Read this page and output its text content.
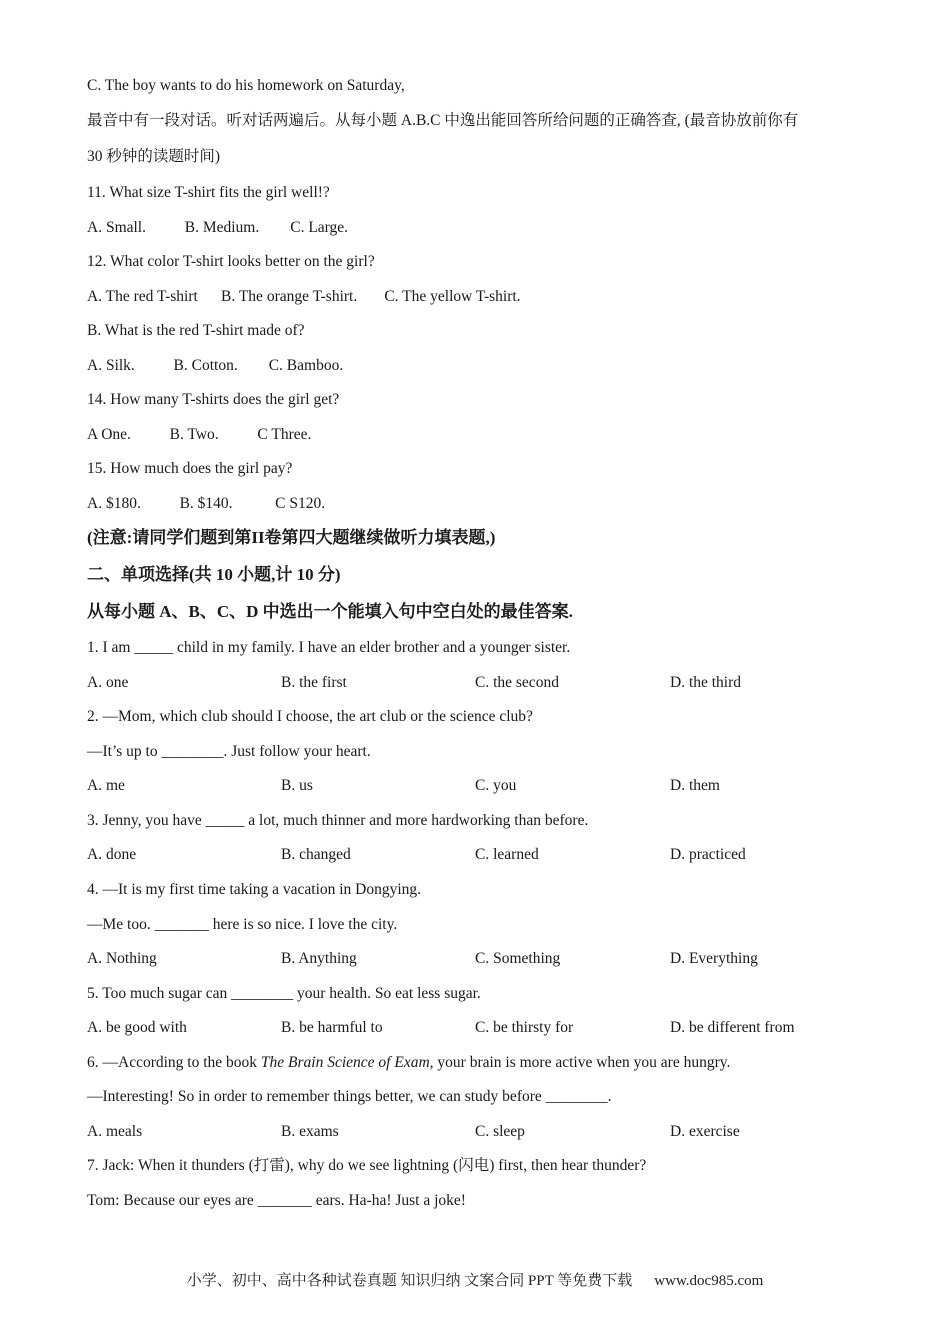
C. The boy wants to do his homework on Saturday,
最音中有一段对话。听对话两遍后。从每小题 A.B.C 中逸出能回答所给问题的正确答查, (最音协放前你有
30 秒钟的读题时间)
11. What size T-shirt fits the girl well!?
A. Small.          B. Medium.        C. Large.
12. What color T-shirt looks better on the girl?
A. The red T-shirt      B. The orange T-shirt.       C. The yellow T-shirt.
B. What is the red T-shirt made of?
A. Silk.          B. Cotton.        C. Bamboo.
14. How many T-shirts does the girl get?
A One.          B. Two.          C Three.
15. How much does the girl pay?
A. $180.          B. $140.           C S120.
(注意:请同学们题到第II卷第四大题继续做听力填表题,)
二、单项选择(共 10 小题,计 10 分)
从每小题 A、B、C、D 中选出一个能填入句中空白处的最佳答案.
1. I am _____ child in my family. I have an elder brother and a younger sister.
A. one	B. the first	C. the second	D. the third
2. —Mom, which club should I choose, the art club or the science club?
—It’s up to ________. Just follow your heart.
A. me	B. us	C. you	D. them
3. Jenny, you have _____ a lot, much thinner and more hardworking than before.
A. done	B. changed	C. learned	D. practiced
4. —It is my first time taking a vacation in Dongying.
—Me too. _______ here is so nice. I love the city.
A. Nothing	B. Anything	C. Something	D. Everything
5. Too much sugar can ________ your health. So eat less sugar.
A. be good with	B. be harmful to	C. be thirsty for	D. be different from
6. —According to the book The Brain Science of Exam, your brain is more active when you are hungry.
—Interesting! So in order to remember things better, we can study before ________.
A. meals	B. exams	C. sleep	D. exercise
7. Jack: When it thunders (打雷), why do we see lightning (闪电) first, then hear thunder?
Tom: Because our eyes are _______ ears. Ha-ha! Just a joke!
小学、初中、高中各种试卷真题 知识归纳 文案合同 PPT 等免费下载 www.doc985.com
